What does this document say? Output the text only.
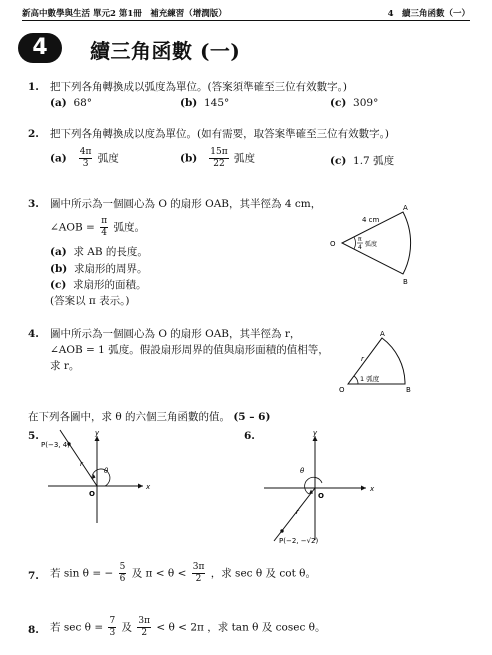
新高中數學與生活 單元2 第1冊　補充練習（增潤版）	4　續三角函數（一）
4	續三角函數 (一)
1. 把下列各角轉換成以弧度為單位。(答案須準確至三位有效數字。)
(a) 68°	(b) 145°	(c) 309°
2. 把下列各角轉換成以度為單位。(如有需要，取答案準確至三位有效數字。)
$(a) \frac{4\pi}{3}$ 弧度	$(b) \frac{15\pi}{22}$ 弧度	(c) 1.7 弧度
3. 圖中所示為一個圓心為 O 的扇形 OAB，其半徑為 4 cm，
∠AOB = $\frac{\pi}{4}$ 弧度。
(a) 求 AB 的長度。
(b) 求扇形的周界。
(c) 求扇形的面積。
(答案以 π 表示。)
A
B
O
4 cm
π
4 弧度
4. 圖中所示為一個圓心為 O 的扇形 OAB，其半徑為 r，
∠AOB = 1 弧度。假設扇形周界的值與扇形面積的值相等，
求 r。
A
B
O
r
1 弧度
在下列各圖中，求 θ 的六個三角函數的值。 (5 – 6)
5.
x
y
O
P(−3, 4)
r
θ
6.
x
y
O
P(−2, −√2)
r
θ
7. 若 sin θ = − $\frac{5}{6}$ 及 $\pi < \theta < \frac{3\pi}{2}$ ，求 sec θ 及 cot θ。
8. 若 $\sec \theta = \frac{7}{3}$ 及 $\frac{3\pi}{2} < \theta < 2\pi$ ，求 tan θ 及 cosec θ。
